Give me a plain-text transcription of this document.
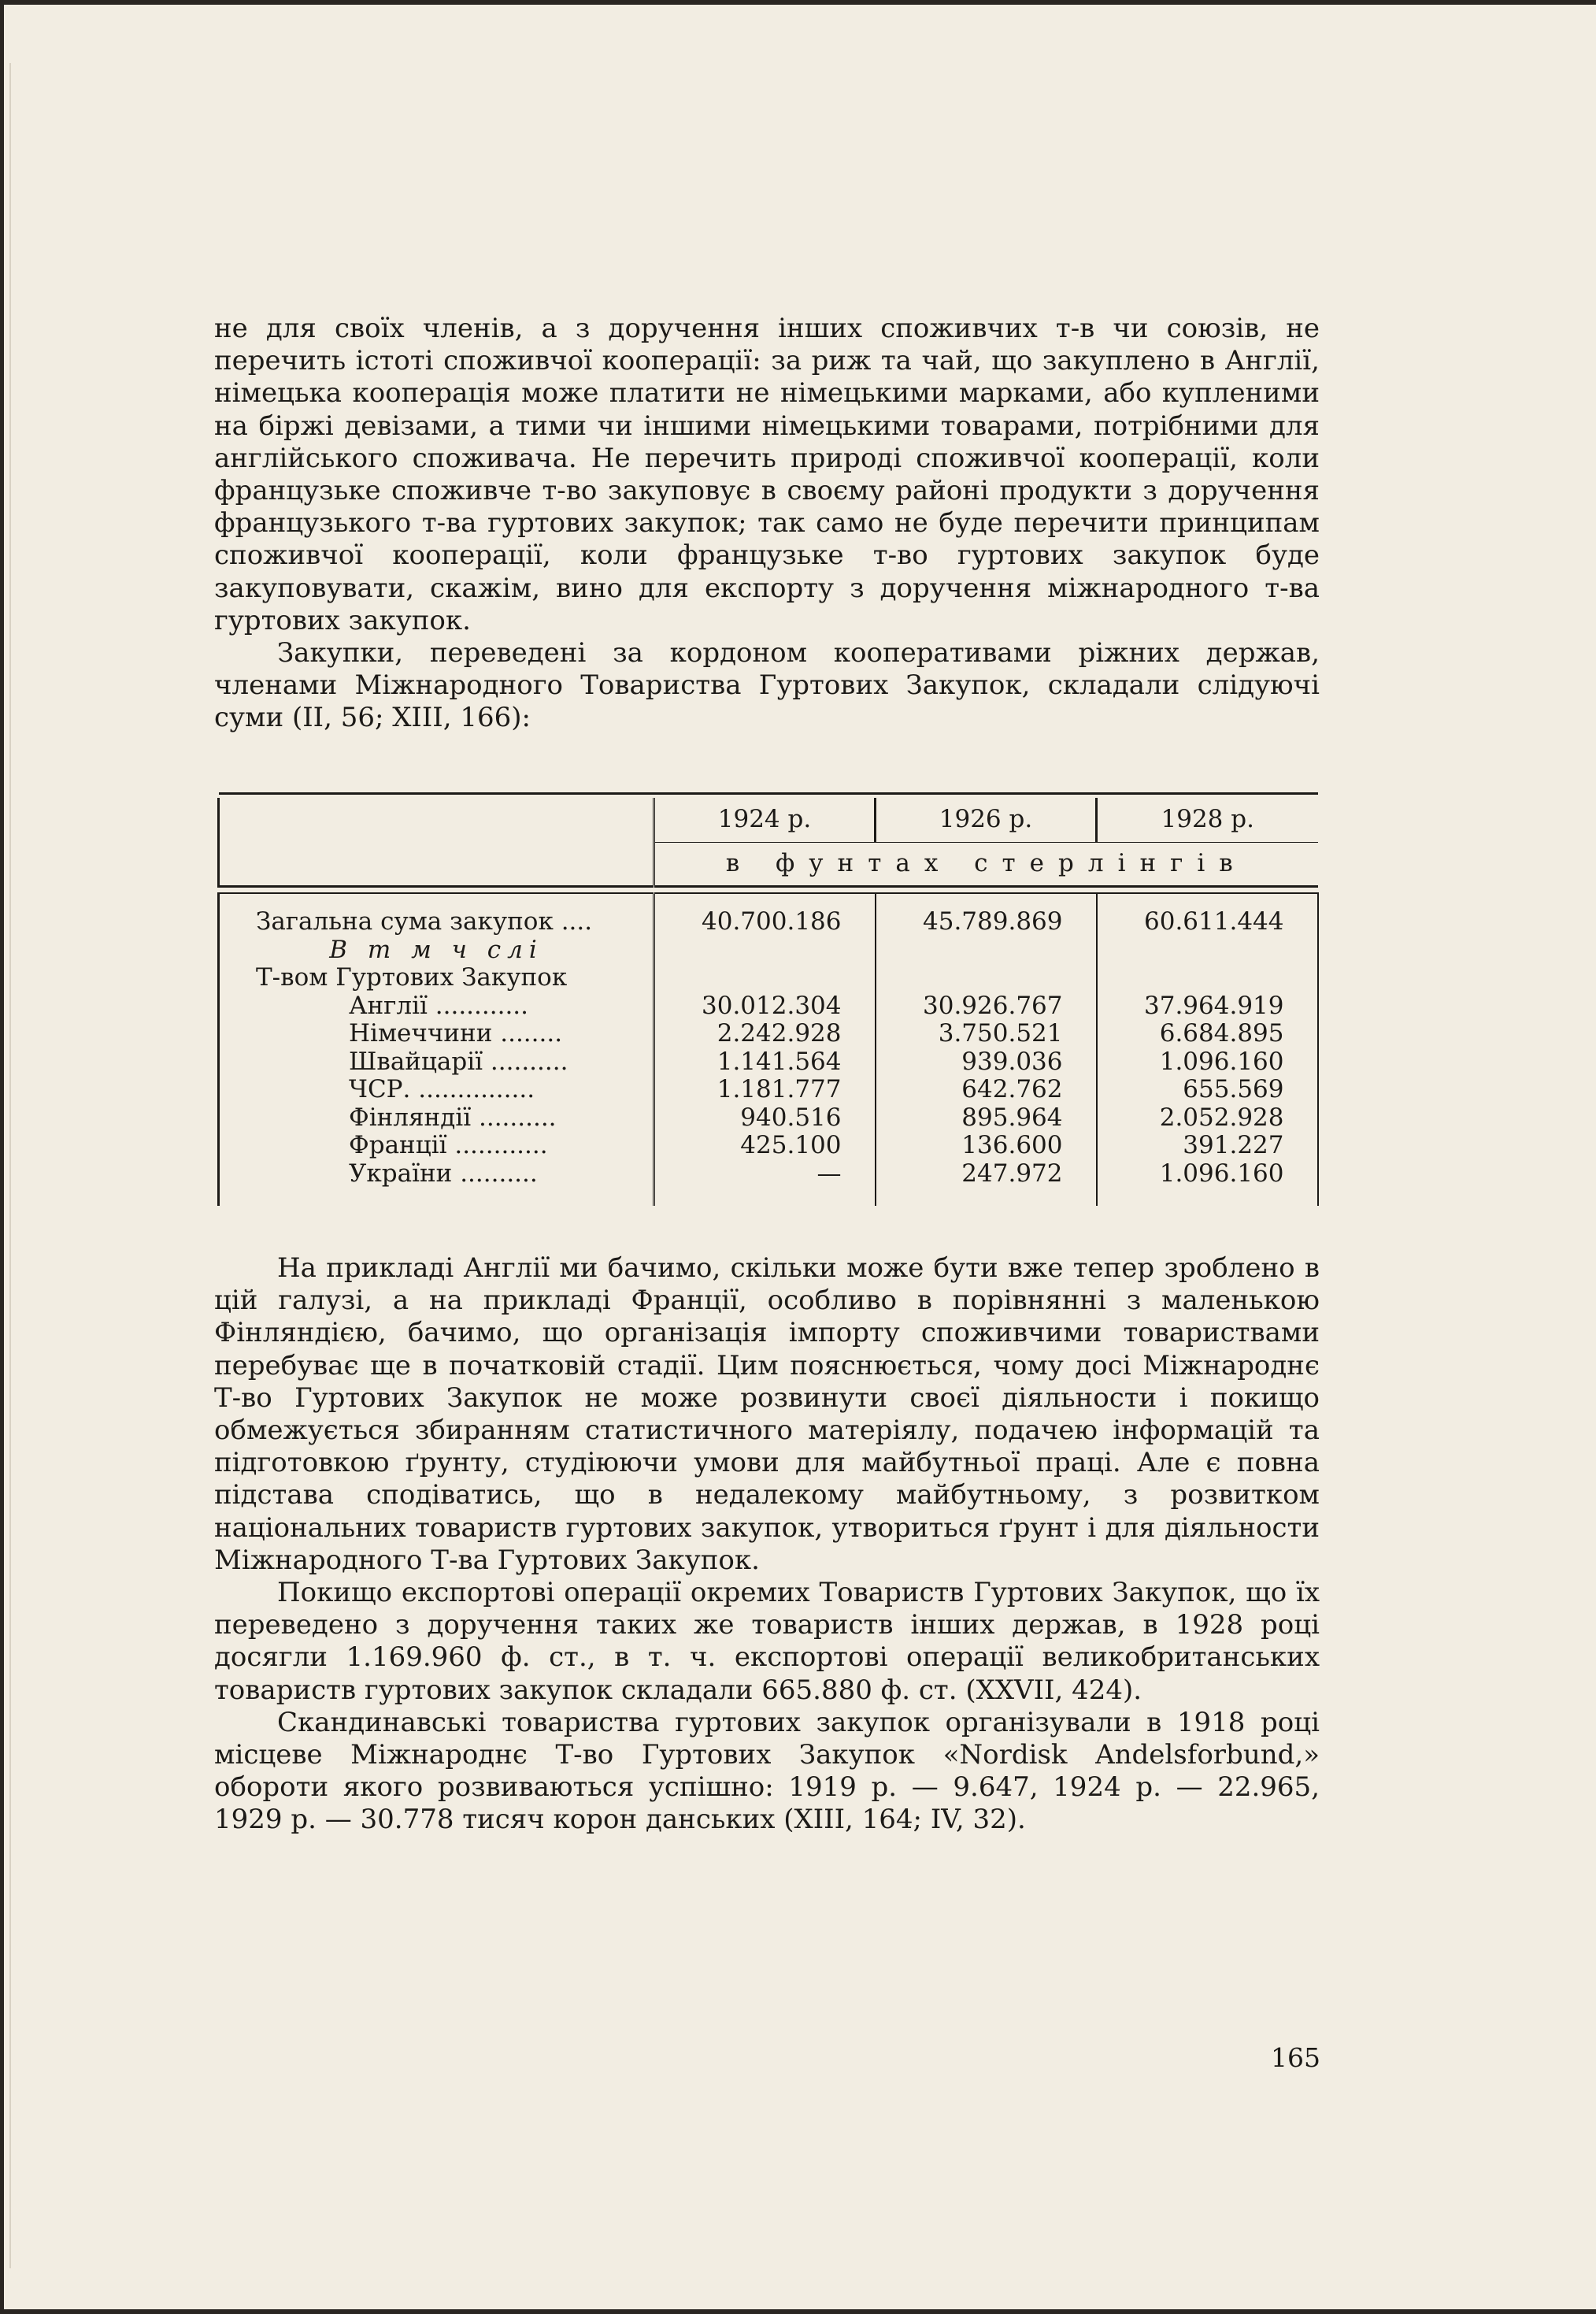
не для своїх членів, а з доручення інших споживчих т-в чи союзів, не перечить істоті споживчої кооперації: за риж та чай, що закуплено в Англії, німецька кооперація може платити не німецькими марками, або купленими на біржі девізами, а тими чи іншими німецькими товарами, потрібними для англійського споживача. Не перечить природі споживчої кооперації, коли французьке споживче т-во закуповує в своєму районі продукти з доручення французького т-ва гуртових закупок; так само не буде перечити принципам споживчої кооперації, коли французьке т-во гуртових закупок буде закуповувати, скажім, вино для експорту з доручення міжнародного т-ва гуртових закупок.

Закупки, переведені за кордоном кооперативами ріжних держав, членами Міжнародного Товариства Гуртових Закупок, складали слідуючі суми (II, 56; XIII, 166):

	1924 р.	1926 р.	1928 р.
	в фунтах стерлінгів		

Загальна сума закупок ....	40.700.186	45.789.869	60.611.444
В т м ч слі			
Т-вом Гуртових Закупок			
Англії ............	30.012.304	30.926.767	37.964.919
Німеччини ........	2.242.928	3.750.521	6.684.895
Швайцарії ..........	1.141.564	939.036	1.096.160
ЧСР. ...............	1.181.777	642.762	655.569
Фінляндії ..........	940.516	895.964	2.052.928
Франції ............	425.100	136.600	391.227
України ..........	—	247.972	1.096.160

На прикладі Англії ми бачимо, скільки може бути вже тепер зроблено в цій галузі, а на прикладі Франції, особливо в порівнянні з маленькою Фінляндією, бачимо, що організація імпорту споживчими товариствами перебуває ще в початковій стадії. Цим пояснюється, чому досі Міжнароднє Т-во Гуртових Закупок не може розвинути своєї діяльности і покищо обмежується збиранням статистичного матеріялу, подачею інформацій та підготовкою ґрунту, студіюючи умови для майбутньої праці. Але є повна підстава сподіватись, що в недалекому майбутньому, з розвитком національних товариств гуртових закупок, утвориться ґрунт і для діяльности Міжнародного Т-ва Гуртових Закупок.

Покищо експортові операції окремих Товариств Гуртових Закупок, що їх переведено з доручення таких же товариств інших держав, в 1928 році досягли 1.169.960 ф. ст., в т. ч. експортові операції великобританських товариств гуртових закупок складали 665.880 ф. ст. (XXVII, 424).

Скандинавські товариства гуртових закупок організували в 1918 році місцеве Міжнароднє Т-во Гуртових Закупок «Nordisk Andelsforbund,» обороти якого розвиваються успішно: 1919 р. — 9.647, 1924 р. — 22.965, 1929 р. — 30.778 тисяч корон данських (XIII, 164; IV, 32).

165
